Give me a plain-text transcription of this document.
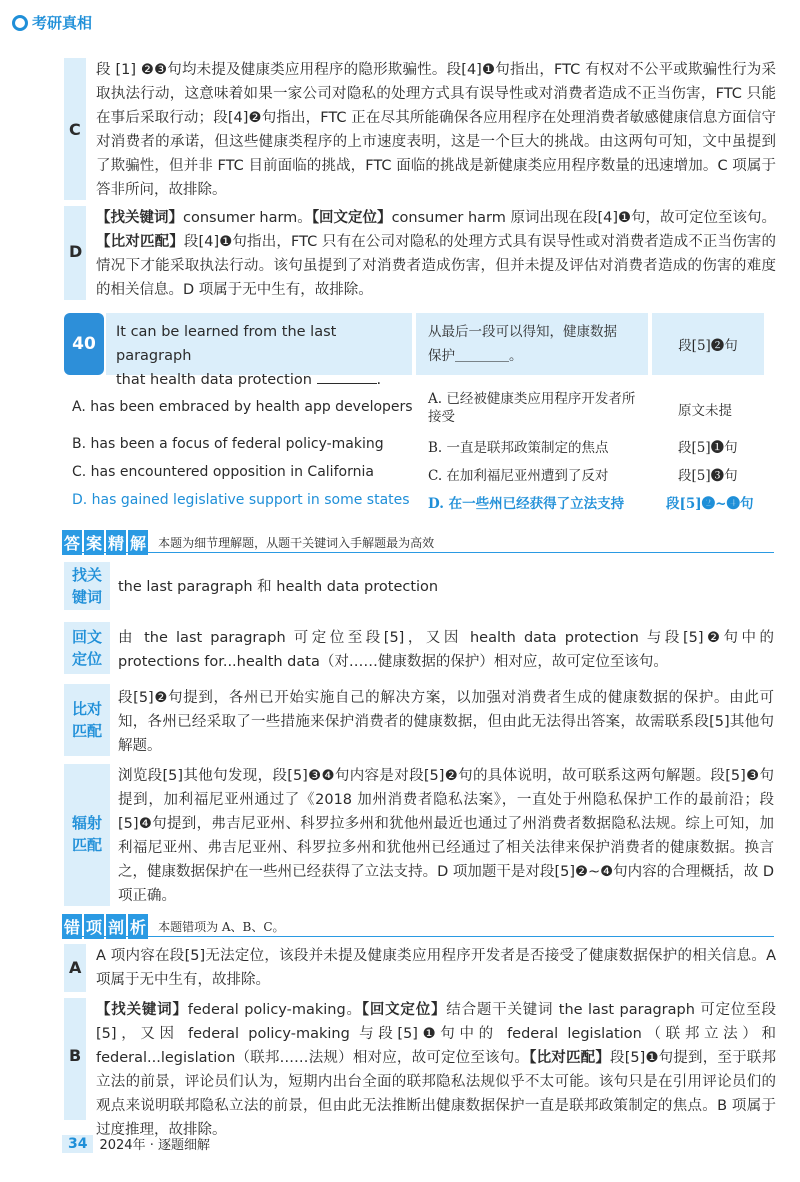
考研真相
C

段 [1] ❷❸句均未提及健康类应用程序的隐形欺骗性。段[4]❶句指出，FTC 有权对不公平或欺骗性行为采取执法行动，这意味着如果一家公司对隐私的处理方式具有误导性或对消费者造成不正当伤害，FTC 只能在事后采取行动；段[4]❷句指出，FTC 正在尽其所能确保各应用程序在处理消费者敏感健康信息方面信守对消费者的承诺，但这些健康类程序的上市速度表明，这是一个巨大的挑战。由这两句可知，文中虽提到了欺骗性，但并非 FTC 目前面临的挑战，FTC 面临的挑战是新健康类应用程序数量的迅速增加。C 项属于答非所问，故排除。

D

【找关键词】consumer harm。【回文定位】consumer harm 原词出现在段[4]❶句，故可定位至该句。
【比对匹配】段[4]❶句指出，FTC 只有在公司对隐私的处理方式具有误导性或对消费者造成不正当伤害的情况下才能采取执法行动。该句虽提到了对消费者造成伤害，但并未提及评估对消费者造成的伤害的难度的相关信息。D 项属于无中生有，故排除。

40
It can be learned from the last paragraph
that health data protection	.
从最后一段可以得知，健康数据
保护＿＿＿＿。
段[5]❷句
A. has been embraced by health app developers A. 已经被健康类应用程序开发者所接受	原文未提
B. has been a focus of federal policy-making	B. 一直是联邦政策制定的焦点	段[5]❶句
C. has encountered opposition in California	C. 在加利福尼亚州遭到了反对	段[5]❸句
D. has gained legislative support in some states D. 在一些州已经获得了立法支持	段[5]❷~❹句
答 案 精 解 本题为细节理解题，从题干关键词入手解题最为高效
找关键词

the last paragraph 和 health data protection

回文定位

由 the last paragraph 可定位至段[5]，又因 health data protection 与段[5]❷句中的 protections for...health data（对……健康数据的保护）相对应，故可定位至该句。

比对匹配

段[5]❷句提到，各州已开始实施自己的解决方案，以加强对消费者生成的健康数据的保护。由此可知，各州已经采取了一些措施来保护消费者的健康数据，但由此无法得出答案，故需联系段[5]其他句解题。

辐射匹配

浏览段[5]其他句发现，段[5]❸❹句内容是对段[5]❷句的具体说明，故可联系这两句解题。段[5]❸句提到，加利福尼亚州通过了《2018 加州消费者隐私法案》，一直处于州隐私保护工作的最前沿；段[5]❹句提到，弗吉尼亚州、科罗拉多州和犹他州最近也通过了州消费者数据隐私法规。综上可知，加利福尼亚州、弗吉尼亚州、科罗拉多州和犹他州已经通过了相关法律来保护消费者的健康数据。换言之，健康数据保护在一些州已经获得了立法支持。D 项加题干是对段[5]❷~❹句内容的合理概括，故 D 项正确。

错 项 剖 析 本题错项为 A、B、C。
A

A 项内容在段[5]无法定位，该段并未提及健康类应用程序开发者是否接受了健康数据保护的相关信息。A 项属于无中生有，故排除。

B

【找关键词】federal policy-making。【回文定位】结合题干关键词 the last paragraph 可定位至段[5]，又因 federal policy-making 与段[5]❶句中的 federal legislation（联邦立法）和 federal...legislation（联邦……法规）相对应，故可定位至该句。【比对匹配】段[5]❶句提到，至于联邦立法的前景，评论员们认为，短期内出台全面的联邦隐私法规似乎不太可能。该句只是在引用评论员们的观点来说明联邦隐私立法的前景，但由此无法推断出健康数据保护一直是联邦政策制定的焦点。B 项属于过度推理，故排除。

34 2024年 · 逐题细解
